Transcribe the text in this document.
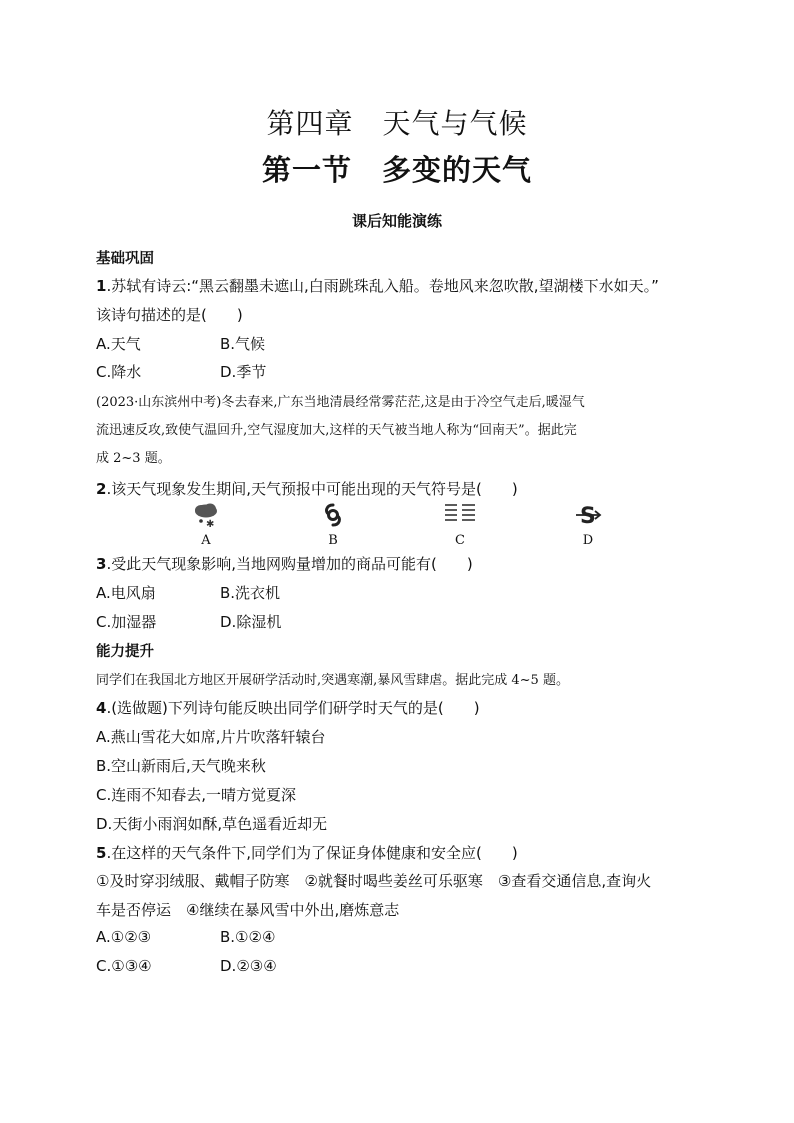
第四章　天气与气候
第一节　多变的天气
课后知能演练
基础巩固
1.苏轼有诗云:“黑云翻墨未遮山,白雨跳珠乱入船。卷地风来忽吹散,望湖楼下水如天。”
该诗句描述的是(　　)
A.天气	B.气候
C.降水	D.季节
(2023·山东滨州中考)冬去春来,广东当地清晨经常雾茫茫,这是由于冷空气走后,暖湿气
流迅速反攻,致使气温回升,空气湿度加大,这样的天气被当地人称为“回南天”。据此完
成 2~3 题。
2.该天气现象发生期间,天气预报中可能出现的天气符号是(　　)
✱
A	B	C
S
D
3.受此天气现象影响,当地网购量增加的商品可能有(　　)
A.电风扇	B.洗衣机
C.加湿器	D.除湿机
能力提升
同学们在我国北方地区开展研学活动时,突遇寒潮,暴风雪肆虐。据此完成 4~5 题。
4.(选做题)下列诗句能反映出同学们研学时天气的是(　　)
A.燕山雪花大如席,片片吹落轩辕台
B.空山新雨后,天气晚来秋
C.连雨不知春去,一晴方觉夏深
D.天街小雨润如酥,草色遥看近却无
5.在这样的天气条件下,同学们为了保证身体健康和安全应(　　)
①及时穿羽绒服、戴帽子防寒　②就餐时喝些姜丝可乐驱寒　③查看交通信息,查询火
车是否停运　④继续在暴风雪中外出,磨炼意志
A.①②③	B.①②④
C.①③④	D.②③④
